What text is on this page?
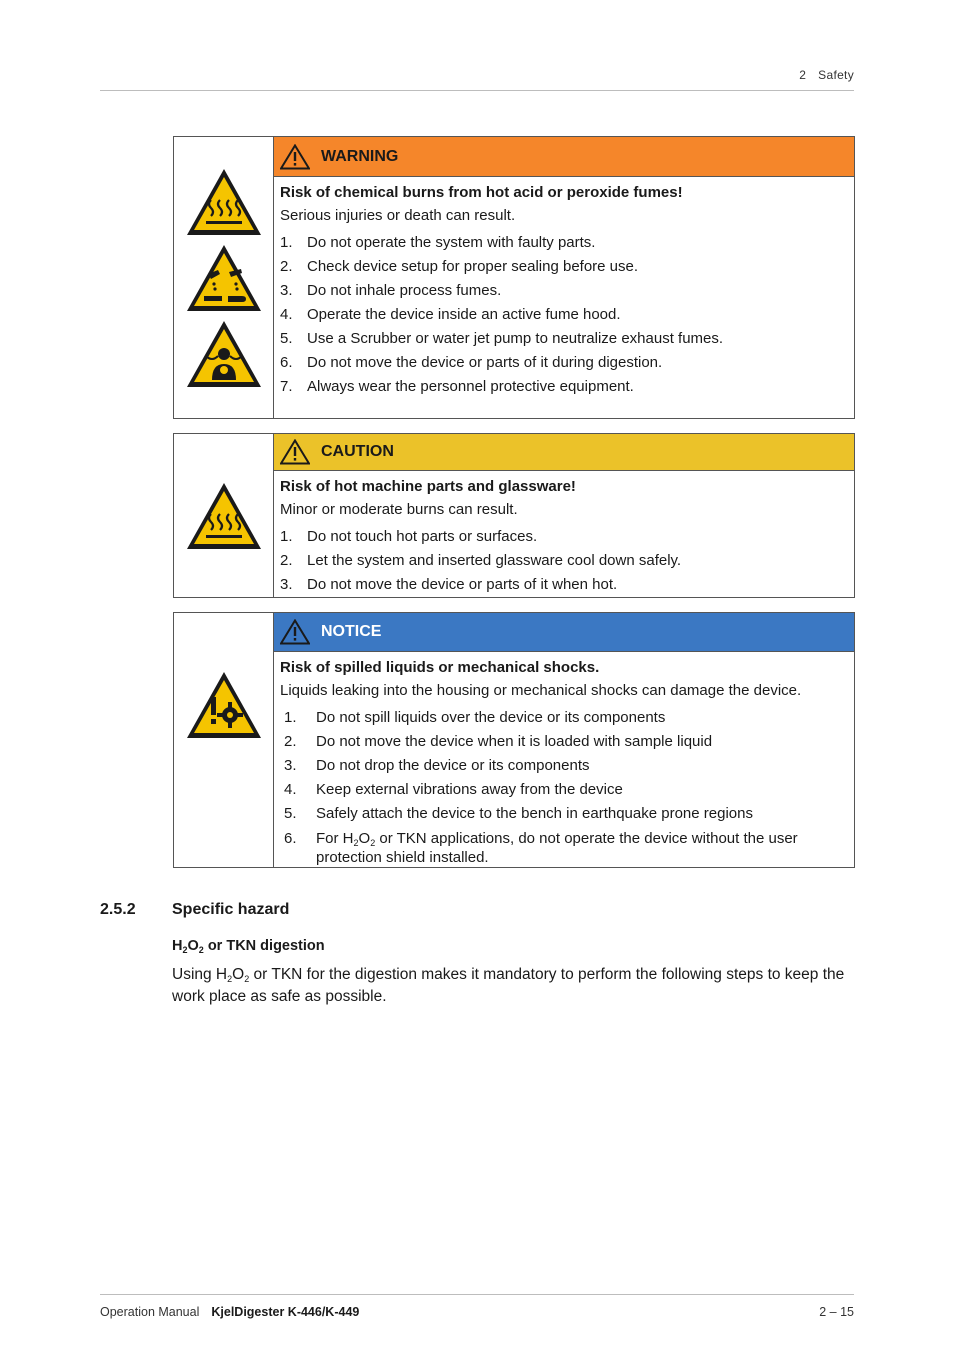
2 Safety
WARNING
Risk of chemical burns from hot acid or peroxide fumes!
Serious injuries or death can result.
1. Do not operate the system with faulty parts.
2. Check device setup for proper sealing before use.
3. Do not inhale process fumes.
4. Operate the device inside an active fume hood.
5. Use a Scrubber or water jet pump to neutralize exhaust fumes.
6. Do not move the device or parts of it during digestion.
7. Always wear the personnel protective equipment.
CAUTION
Risk of hot machine parts and glassware!
Minor or moderate burns can result.
1. Do not touch hot parts or surfaces.
2. Let the system and inserted glassware cool down safely.
3. Do not move the device or parts of it when hot.
NOTICE
Risk of spilled liquids or mechanical shocks.
Liquids leaking into the housing or mechanical shocks can damage the device.
1.	Do not spill liquids over the device or its components
2.	Do not move the device when it is loaded with sample liquid
3.	Do not drop the device or its components
4.	Keep external vibrations away from the device
5.	Safely attach the device to the bench in earthquake prone regions
6.	For $H_2O_2$ or TKN applications, do not operate the device without the user protection shield installed.
2.5.2 Specific hazard
$H_2O_2$ or TKN digestion
Using $H_2O_2$ or TKN for the digestion makes it mandatory to perform the following steps to keep the work place as safe as possible.
Operation Manual KjelDigester K-446/K-449	2 – 15
